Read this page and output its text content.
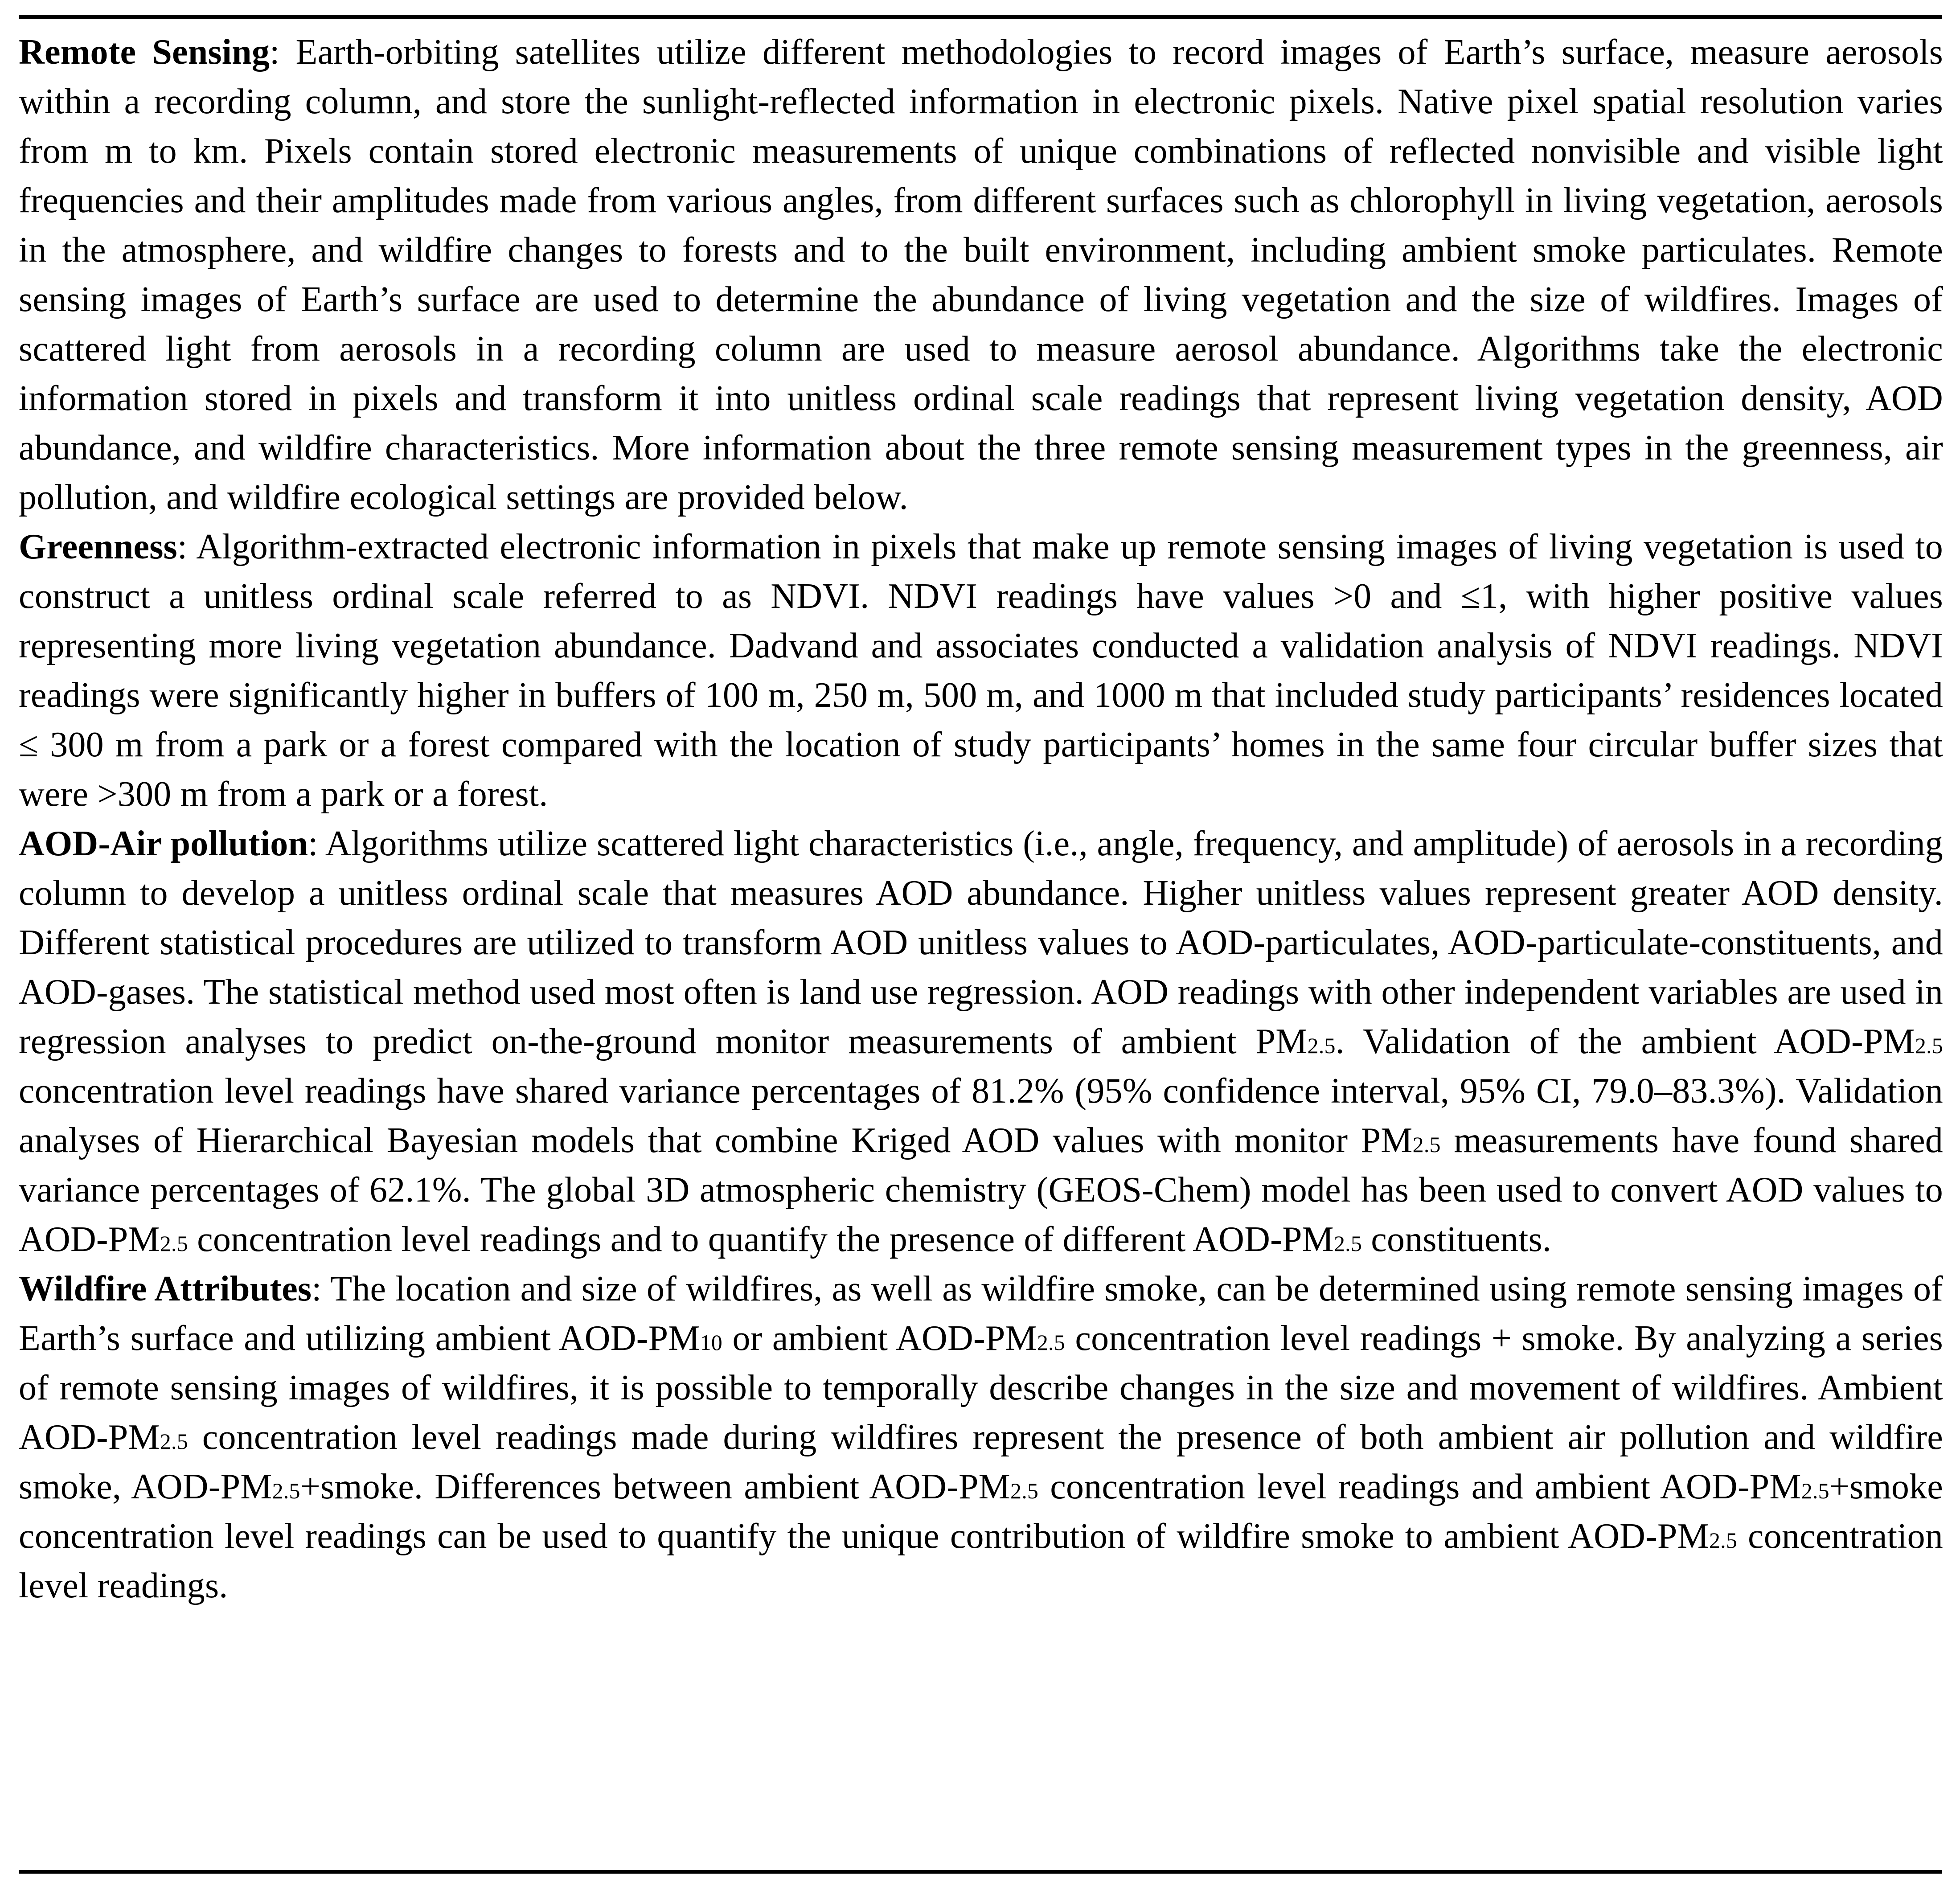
Remote Sensing: Earth-orbiting satellites utilize different methodologies to record images of Earth’s surface, measure aerosols within a recording column, and store the sunlight-reflected information in electronic pixels. Native pixel spatial resolution varies from m to km. Pixels contain stored electronic measurements of unique combinations of reflected nonvisible and visible light frequencies and their amplitudes made from various angles, from different surfaces such as chlorophyll in living vegetation, aerosols in the atmosphere, and wildfire changes to forests and to the built environment, including ambient smoke particulates. Remote sensing images of Earth’s surface are used to determine the abundance of living vegetation and the size of wildfires. Images of scattered light from aerosols in a recording column are used to measure aerosol abundance. Algorithms take the electronic information stored in pixels and transform it into unitless ordinal scale readings that represent living vegetation density, AOD abundance, and wildfire characteristics. More information about the three remote sensing measurement types in the greenness, air pollution, and wildfire ecological settings are provided below.

Greenness: Algorithm-extracted electronic information in pixels that make up remote sensing images of living vegetation is used to construct a unitless ordinal scale referred to as NDVI. NDVI readings have values >0 and ≤1, with higher positive values representing more living vegetation abundance. Dadvand and associates conducted a validation analysis of NDVI readings. NDVI readings were significantly higher in buffers of 100 m, 250 m, 500 m, and 1000 m that included study participants’ residences located ≤ 300 m from a park or a forest compared with the location of study participants’ homes in the same four circular buffer sizes that were >300 m from a park or a forest.

AOD-Air pollution: Algorithms utilize scattered light characteristics (i.e., angle, frequency, and amplitude) of aerosols in a recording column to develop a unitless ordinal scale that measures AOD abundance. Higher unitless values represent greater AOD density. Different statistical procedures are utilized to transform AOD unitless values to AOD-particulates, AOD-particulate-constituents, and AOD-gases. The statistical method used most often is land use regression. AOD readings with other independent variables are used in regression analyses to predict on-the-ground monitor measurements of ambient PM2.5. Validation of the ambient AOD-PM2.5 concentration level readings have shared variance percentages of 81.2% (95% confidence interval, 95% CI, 79.0–83.3%). Validation analyses of Hierarchical Bayesian models that combine Kriged AOD values with monitor PM2.5 measurements have found shared variance percentages of 62.1%. The global 3D atmospheric chemistry (GEOS-Chem) model has been used to convert AOD values to AOD-PM2.5 concentration level readings and to quantify the presence of different AOD-PM2.5 constituents.

Wildfire Attributes: The location and size of wildfires, as well as wildfire smoke, can be determined using remote sensing images of Earth’s surface and utilizing ambient AOD-PM10 or ambient AOD-PM2.5 concentration level readings + smoke. By analyzing a series of remote sensing images of wildfires, it is possible to temporally describe changes in the size and movement of wildfires. Ambient AOD-PM2.5 concentration level readings made during wildfires represent the presence of both ambient air pollution and wildfire smoke, AOD-PM2.5+smoke. Differences between ambient AOD-PM2.5 concentration level readings and ambient AOD-PM2.5+smoke concentration level readings can be used to quantify the unique contribution of wildfire smoke to ambient AOD-PM2.5 concentration level readings.
